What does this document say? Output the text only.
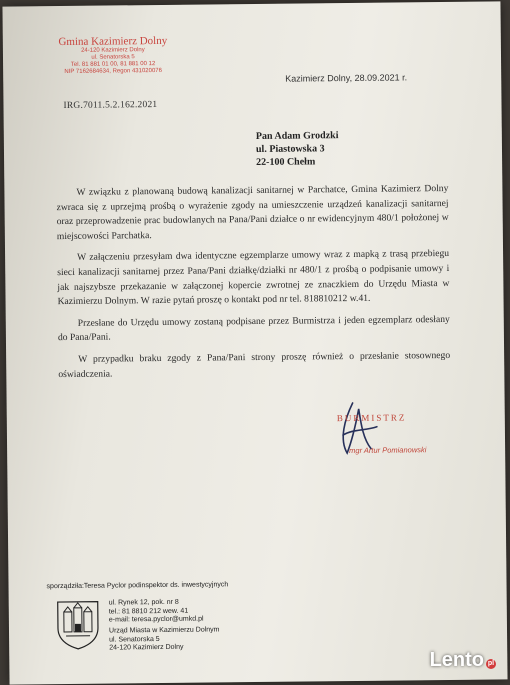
Gmina Kazimierz Dolny
24-120 Kazimierz Dolny
ul. Senatorska 5
Tel. 81 881 01 00, 81 881 00 12
NIP 7162684634, Regon 431020076
Kazimierz Dolny, 28.09.2021 r.
IRG.7011.5.2.162.2021
Pan Adam Grodzki
ul. Piastowska 3
22-100 Chełm

W związku z planowaną budową kanalizacji sanitarnej w Parchatce, Gmina Kazimierz Dolny zwraca się z uprzejmą prośbą o wyrażenie zgody na umieszczenie urządzeń kanalizacji sanitarnej oraz przeprowadzenie prac budowlanych na Pana/Pani działce o nr ewidencyjnym 480/1 położonej w miejscowości Parchatka.

W załączeniu przesyłam dwa identyczne egzemplarze umowy wraz z mapką z trasą przebiegu sieci kanalizacji sanitarnej przez Pana/Pani działkę/działki nr 480/1 z prośbą o podpisanie umowy i jak najszybsze przekazanie w załączonej kopercie zwrotnej ze znaczkiem do Urzędu Miasta w Kazimierzu Dolnym. W razie pytań proszę o kontakt pod nr tel. 818810212 w.41.

Przesłane do Urzędu umowy zostaną podpisane przez Burmistrza i jeden egzemplarz odesłany do Pana/Pani.

W przypadku braku zgody z Pana/Pani strony proszę również o przesłanie stosownego oświadczenia.

BURMISTRZ
mgr Artur Pomianowski
sporządziła:Teresa Pyclor podinspektor ds. inwestycyjnych
ul. Rynek 12, pok. nr 8
tel.: 81 8810 212 wew. 41
e-mail: teresa.pyclor@umkd.pl
Urząd Miasta w Kazimierzu Dolnym
ul. Senatorska 5
24-120 Kazimierz Dolny
Lento pl
